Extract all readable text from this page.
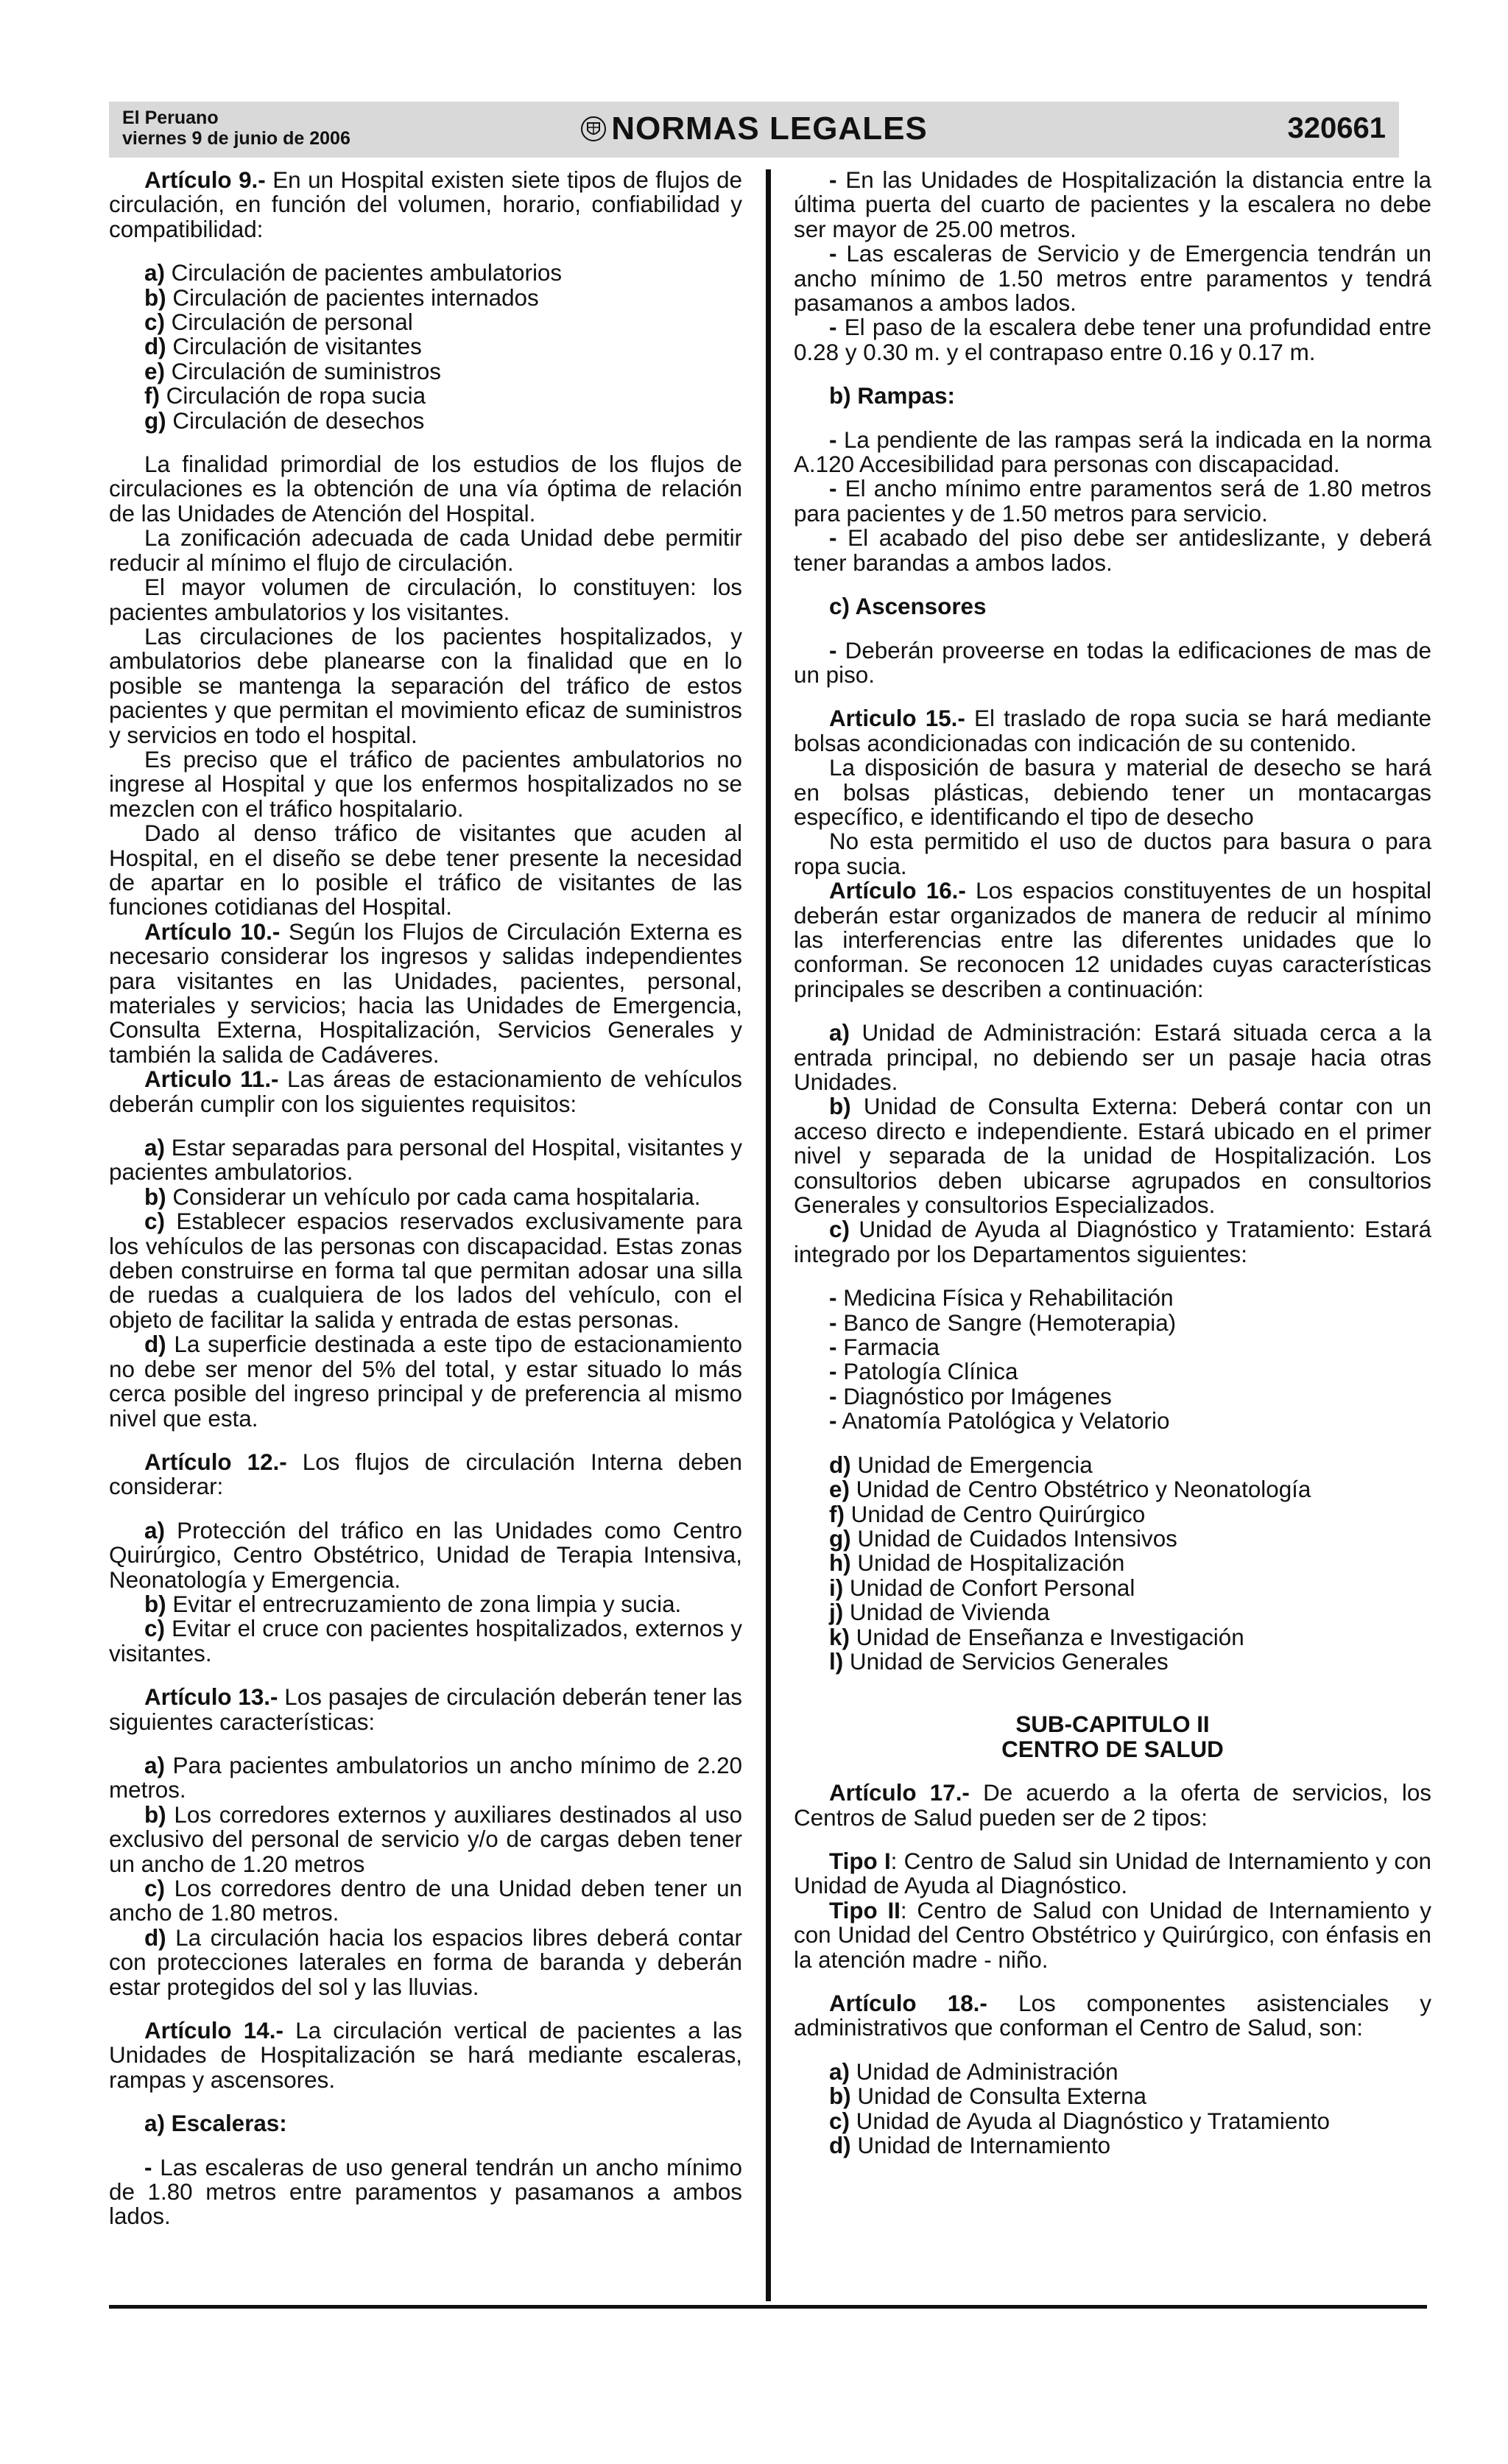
El Peruano
viernes 9 de junio de 2006	NORMAS LEGALES	320661

Artículo 9.- En un Hospital existen siete tipos de flujos de circulación, en función del volumen, horario, confiabilidad y compatibilidad:

a) Circulación de pacientes ambulatorios

b) Circulación de pacientes internados

c) Circulación de personal

d) Circulación de visitantes

e) Circulación de suministros

f) Circulación de ropa sucia

g) Circulación de desechos

La finalidad primordial de los estudios de los flujos de circulaciones es la obtención de una vía óptima de relación de las Unidades de Atención del Hospital.

La zonificación adecuada de cada Unidad debe permitir reducir al mínimo el flujo de circulación.

El mayor volumen de circulación, lo constituyen: los pacientes ambulatorios y los visitantes.

Las circulaciones de los pacientes hospitalizados, y ambulatorios debe planearse con la finalidad que en lo posible se mantenga la separación del tráfico de estos pacientes y que permitan el movimiento eficaz de suministros y servicios en todo el hospital.

Es preciso que el tráfico de pacientes ambulatorios no ingrese al Hospital y que los enfermos hospitalizados no se mezclen con el tráfico hospitalario.

Dado al denso tráfico de visitantes que acuden al Hospital, en el diseño se debe tener presente la necesidad de apartar en lo posible el tráfico de visitantes de las funciones cotidianas del Hospital.

Artículo 10.- Según los Flujos de Circulación Externa es necesario considerar los ingresos y salidas independientes para visitantes en las Unidades, pacientes, personal, materiales y servicios; hacia las Unidades de Emergencia, Consulta Externa, Hospitalización, Servicios Generales y también la salida de Cadáveres.

Articulo 11.- Las áreas de estacionamiento de vehículos deberán cumplir con los siguientes requisitos:

a) Estar separadas para personal del Hospital, visitantes y pacientes ambulatorios.

b) Considerar un vehículo por cada cama hospitalaria.

c) Establecer espacios reservados exclusivamente para los vehículos de las personas con discapacidad. Estas zonas deben construirse en forma tal que permitan adosar una silla de ruedas a cualquiera de los lados del vehículo, con el objeto de facilitar la salida y entrada de estas personas.

d) La superficie destinada a este tipo de estacionamiento no debe ser menor del 5% del total, y estar situado lo más cerca posible del ingreso principal y de preferencia al mismo nivel que esta.

Artículo 12.- Los flujos de circulación Interna deben considerar:

a) Protección del tráfico en las Unidades como Centro Quirúrgico, Centro Obstétrico, Unidad de Terapia Intensiva, Neonatología y Emergencia.

b) Evitar el entrecruzamiento de zona limpia y sucia.

c) Evitar el cruce con pacientes hospitalizados, externos y visitantes.

Artículo 13.- Los pasajes de circulación deberán tener las siguientes características:

a) Para pacientes ambulatorios un ancho mínimo de 2.20 metros.

b) Los corredores externos y auxiliares destinados al uso exclusivo del personal de servicio y/o de cargas deben tener un ancho de 1.20 metros

c) Los corredores dentro de una Unidad deben tener un ancho de 1.80 metros.

d) La circulación hacia los espacios libres deberá contar con protecciones laterales en forma de baranda y deberán estar protegidos del sol y las lluvias.

Artículo 14.- La circulación vertical de pacientes a las Unidades de Hospitalización se hará mediante escaleras, rampas y ascensores.

a) Escaleras:

- Las escaleras de uso general tendrán un ancho mínimo de 1.80 metros entre paramentos y pasamanos a ambos lados.

- En las Unidades de Hospitalización la distancia entre la última puerta del cuarto de pacientes y la escalera no debe ser mayor de 25.00 metros.

- Las escaleras de Servicio y de Emergencia tendrán un ancho mínimo de 1.50 metros entre paramentos y tendrá pasamanos a ambos lados.

- El paso de la escalera debe tener una profundidad entre 0.28 y 0.30 m. y el contrapaso entre 0.16 y 0.17 m.

b) Rampas:

- La pendiente de las rampas será la indicada en la norma A.120 Accesibilidad para personas con discapacidad.

- El ancho mínimo entre paramentos será de 1.80 metros para pacientes y de 1.50 metros para servicio.

- El acabado del piso debe ser antideslizante, y deberá tener barandas a ambos lados.

c) Ascensores

- Deberán proveerse en todas la edificaciones de mas de un piso.

Articulo 15.- El traslado de ropa sucia se hará mediante bolsas acondicionadas con indicación de su contenido.

La disposición de basura y material de desecho se hará en bolsas plásticas, debiendo tener un montacargas específico, e identificando el tipo de desecho

No esta permitido el uso de ductos para basura o para ropa sucia.

Artículo 16.- Los espacios constituyentes de un hospital deberán estar organizados de manera de reducir al mínimo las interferencias entre las diferentes unidades que lo conforman. Se reconocen 12 unidades cuyas características principales se describen a continuación:

a) Unidad de Administración: Estará situada cerca a la entrada principal, no debiendo ser un pasaje hacia otras Unidades.

b) Unidad de Consulta Externa: Deberá contar con un acceso directo e independiente. Estará ubicado en el primer nivel y separada de la unidad de Hospitalización. Los consultorios deben ubicarse agrupados en consultorios Generales y consultorios Especializados.

c) Unidad de Ayuda al Diagnóstico y Tratamiento: Estará integrado por los Departamentos siguientes:

- Medicina Física y Rehabilitación

- Banco de Sangre (Hemoterapia)

- Farmacia

- Patología Clínica

- Diagnóstico por Imágenes

- Anatomía Patológica y Velatorio

d) Unidad de Emergencia

e) Unidad de Centro Obstétrico y Neonatología

f) Unidad de Centro Quirúrgico

g) Unidad de Cuidados Intensivos

h) Unidad de Hospitalización

i) Unidad de Confort Personal

j) Unidad de Vivienda

k) Unidad de Enseñanza e Investigación

l) Unidad de Servicios Generales

SUB-CAPITULO II

CENTRO DE SALUD

Artículo 17.- De acuerdo a la oferta de servicios, los Centros de Salud pueden ser de 2 tipos:

Tipo I: Centro de Salud sin Unidad de Internamiento y con Unidad de Ayuda al Diagnóstico.

Tipo II: Centro de Salud con Unidad de Internamiento y con Unidad del Centro Obstétrico y Quirúrgico, con énfasis en la atención madre - niño.

Artículo 18.- Los componentes asistenciales y administrativos que conforman el Centro de Salud, son:

a) Unidad de Administración

b) Unidad de Consulta Externa

c) Unidad de Ayuda al Diagnóstico y Tratamiento

d) Unidad de Internamiento
